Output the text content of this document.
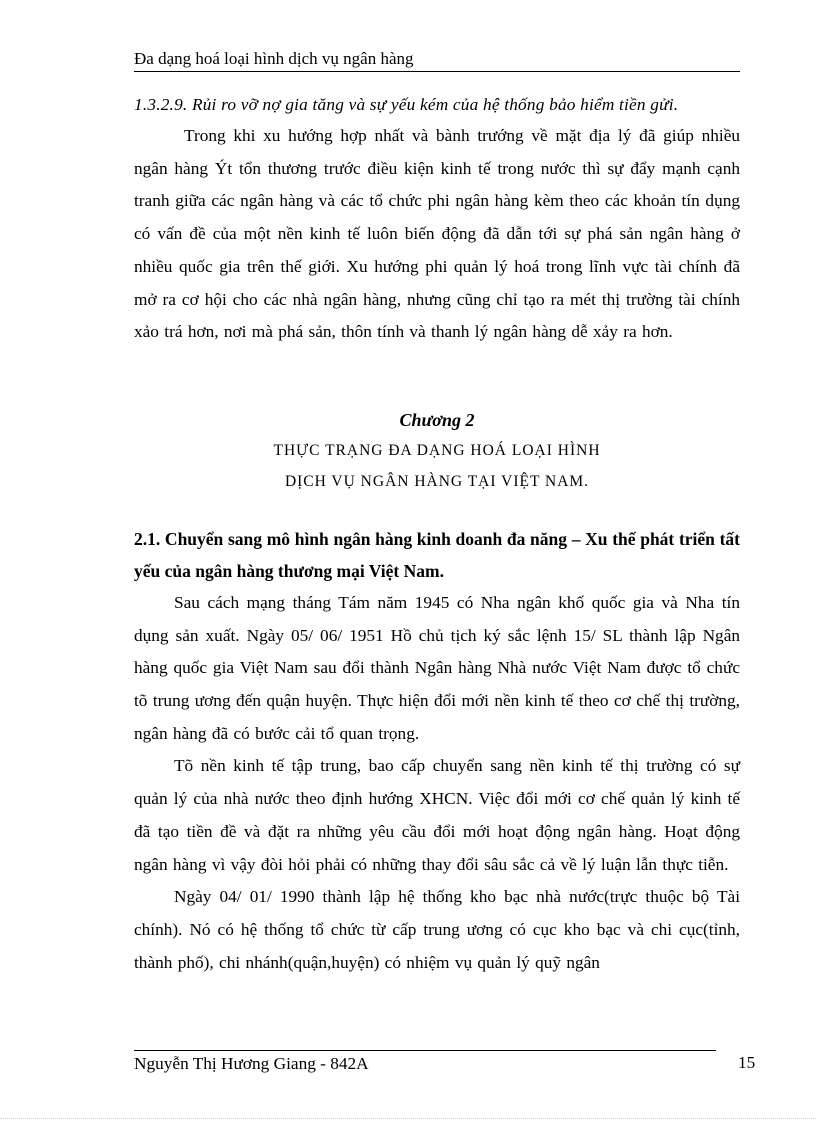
Đa dạng hoá loại hình dịch vụ ngân hàng

1.3.2.9. Rủi ro vỡ nợ gia tăng và sự yếu kém của hệ thống bảo hiểm tiền gửi.

Trong khi xu hướng hợp nhất và bành trướng về mặt địa lý đã giúp nhiều ngân hàng Ýt tổn thương trước điều kiện kinh tế trong nước thì sự đẩy mạnh cạnh tranh giữa các ngân hàng và các tổ chức phi ngân hàng kèm theo các khoản tín dụng có vấn đề của một nền kinh tế luôn biến động đã dẫn tới sự phá sản ngân hàng ở nhiều quốc gia trên thế giới. Xu hướng phi quản lý hoá trong lĩnh vực tài chính đã mở ra cơ hội cho các nhà ngân hàng, nhưng cũng chỉ tạo ra mét thị trường tài chính xảo trá hơn, nơi mà phá sản, thôn tính và thanh lý ngân hàng dễ xảy ra hơn.

Chương 2

THỰC TRẠNG ĐA DẠNG HOÁ LOẠI HÌNH

DỊCH VỤ NGÂN HÀNG TẠI VIỆT NAM.

2.1. Chuyển sang mô hình ngân hàng kinh doanh đa năng – Xu thế phát triển tất yếu của ngân hàng thương mại Việt Nam.

Sau cách mạng tháng Tám năm 1945 có Nha ngân khố quốc gia và Nha tín dụng sản xuất. Ngày 05/ 06/ 1951 Hồ chủ tịch ký sắc lệnh 15/ SL thành lập Ngân hàng quốc gia Việt Nam sau đổi thành Ngân hàng Nhà nước Việt Nam được tổ chức tõ trung ương đến quận huyện. Thực hiện đổi mới nền kinh tế theo cơ chế thị trường, ngân hàng đã có bước cải tổ quan trọng.

Tõ nền kinh tế tập trung, bao cấp chuyển sang nền kinh tế thị trường có sự quản lý của nhà nước theo định hướng XHCN. Việc đổi mới cơ chế quản lý kinh tế đã tạo tiền đề và đặt ra những yêu cầu đổi mới hoạt động ngân hàng. Hoạt động ngân hàng vì vậy đòi hỏi phải có những thay đổi sâu sắc cả về lý luận lẫn thực tiễn.

Ngày 04/ 01/ 1990 thành lập hệ thống kho bạc nhà nước(trực thuộc bộ Tài chính). Nó có hệ thống tổ chức từ cấp trung ương có cục kho bạc và chi cục(tỉnh, thành phố), chi nhánh(quận,huyện) có nhiệm vụ quản lý quỹ ngân

Nguyễn Thị Hương Giang - 842A	15
